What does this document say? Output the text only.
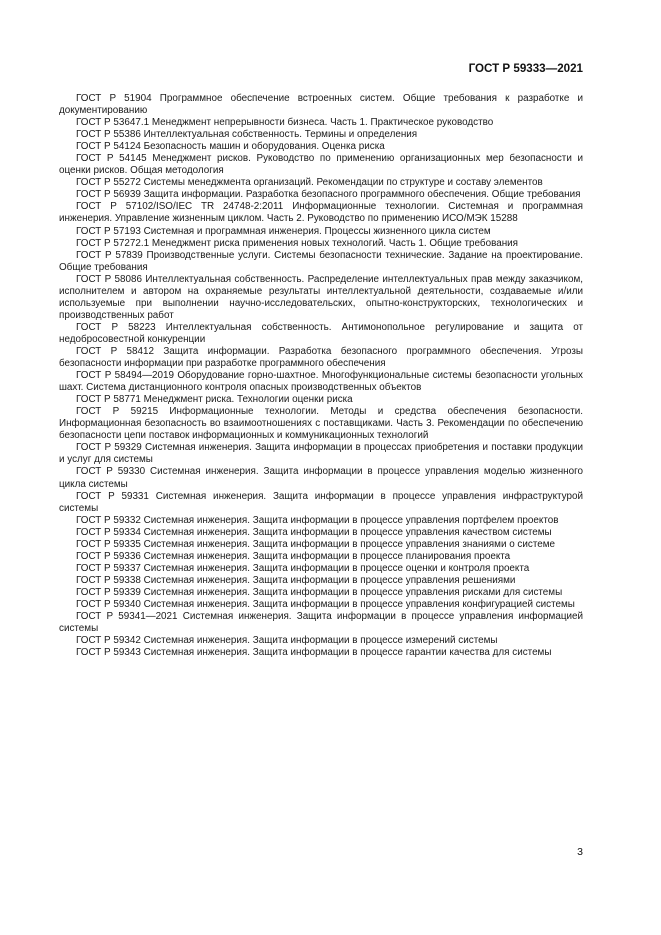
ГОСТ Р 59333—2021
ГОСТ Р 51904 Программное обеспечение встроенных систем. Общие требования к разработке и документированию
ГОСТ Р 53647.1 Менеджмент непрерывности бизнеса. Часть 1. Практическое руководство
ГОСТ Р 55386 Интеллектуальная собственность. Термины и определения
ГОСТ Р 54124 Безопасность машин и оборудования. Оценка риска
ГОСТ Р 54145 Менеджмент рисков. Руководство по применению организационных мер безопасности и оценки рисков. Общая методология
ГОСТ Р 55272 Системы менеджмента организаций. Рекомендации по структуре и составу элементов
ГОСТ Р 56939 Защита информации. Разработка безопасного программного обеспечения. Общие требования
ГОСТ Р 57102/ISO/IEC TR 24748-2:2011 Информационные технологии. Системная и программная инженерия. Управление жизненным циклом. Часть 2. Руководство по применению ИСО/МЭК 15288
ГОСТ Р 57193 Системная и программная инженерия. Процессы жизненного цикла систем
ГОСТ Р 57272.1 Менеджмент риска применения новых технологий. Часть 1. Общие требования
ГОСТ Р 57839 Производственные услуги. Системы безопасности технические. Задание на проектирование. Общие требования
ГОСТ Р 58086 Интеллектуальная собственность. Распределение интеллектуальных прав между заказчиком, исполнителем и автором на охраняемые результаты интеллектуальной деятельности, создаваемые и/или используемые при выполнении научно-исследовательских, опытно-конструкторских, технологических и производственных работ
ГОСТ Р 58223 Интеллектуальная собственность. Антимонопольное регулирование и защита от недобросовестной конкуренции
ГОСТ Р 58412 Защита информации. Разработка безопасного программного обеспечения. Угрозы безопасности информации при разработке программного обеспечения
ГОСТ Р 58494—2019 Оборудование горно-шахтное. Многофункциональные системы безопасности угольных шахт. Система дистанционного контроля опасных производственных объектов
ГОСТ Р 58771 Менеджмент риска. Технологии оценки риска
ГОСТ Р 59215 Информационные технологии. Методы и средства обеспечения безопасности. Информационная безопасность во взаимоотношениях с поставщиками. Часть 3. Рекомендации по обеспечению безопасности цепи поставок информационных и коммуникационных технологий
ГОСТ Р 59329 Системная инженерия. Защита информации в процессах приобретения и поставки продукции и услуг для системы
ГОСТ Р 59330 Системная инженерия. Защита информации в процессе управления моделью жизненного цикла системы
ГОСТ Р 59331 Системная инженерия. Защита информации в процессе управления инфраструктурой системы
ГОСТ Р 59332 Системная инженерия. Защита информации в процессе управления портфелем проектов
ГОСТ Р 59334 Системная инженерия. Защита информации в процессе управления качеством системы
ГОСТ Р 59335 Системная инженерия. Защита информации в процессе управления знаниями о системе
ГОСТ Р 59336 Системная инженерия. Защита информации в процессе планирования проекта
ГОСТ Р 59337 Системная инженерия. Защита информации в процессе оценки и контроля проекта
ГОСТ Р 59338 Системная инженерия. Защита информации в процессе управления решениями
ГОСТ Р 59339 Системная инженерия. Защита информации в процессе управления рисками для системы
ГОСТ Р 59340 Системная инженерия. Защита информации в процессе управления конфигурацией системы
ГОСТ Р 59341—2021 Системная инженерия. Защита информации в процессе управления информацией системы
ГОСТ Р 59342 Системная инженерия. Защита информации в процессе измерений системы
ГОСТ Р 59343 Системная инженерия. Защита информации в процессе гарантии качества для системы
3
